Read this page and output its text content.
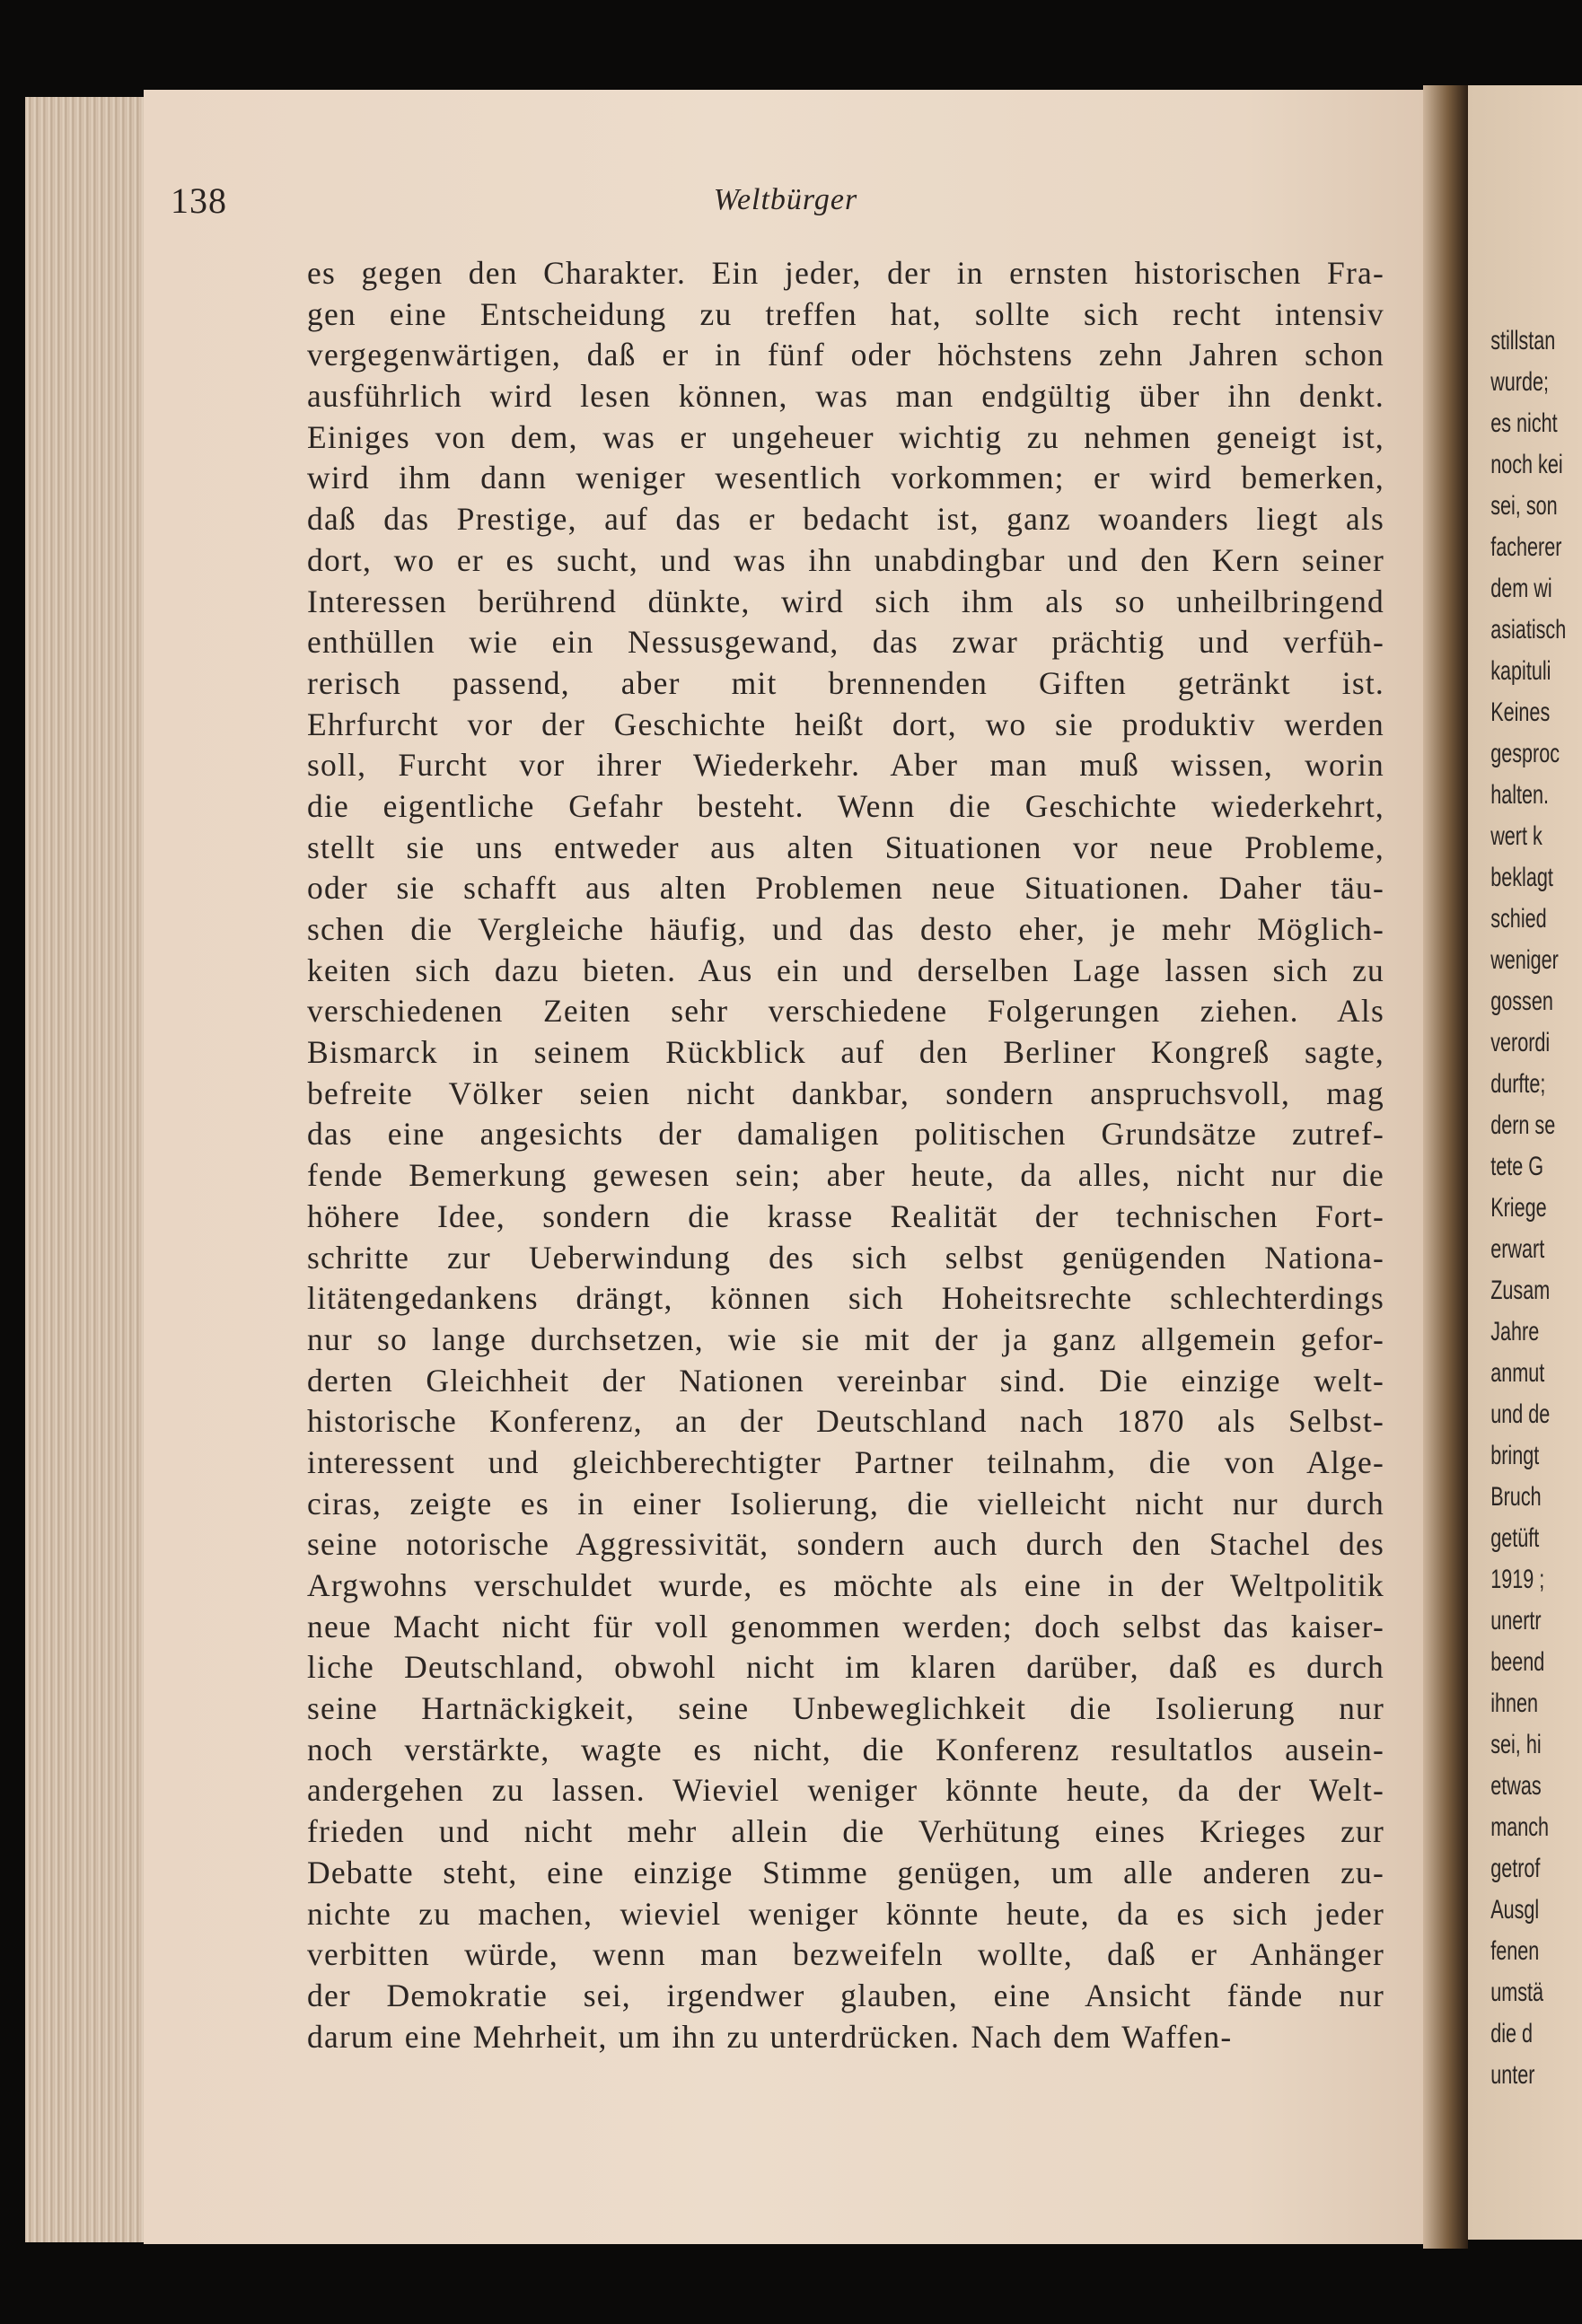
138	Weltbürger
es gegen den Charakter. Ein jeder, der in ernsten historischen Fra-
gen eine Entscheidung zu treffen hat, sollte sich recht intensiv
vergegenwärtigen, daß er in fünf oder höchstens zehn Jahren schon
ausführlich wird lesen können, was man endgültig über ihn denkt.
Einiges von dem, was er ungeheuer wichtig zu nehmen geneigt ist,
wird ihm dann weniger wesentlich vorkommen; er wird bemerken,
daß das Prestige, auf das er bedacht ist, ganz woanders liegt als
dort, wo er es sucht, und was ihn unabdingbar und den Kern seiner
Interessen berührend dünkte, wird sich ihm als so unheilbringend
enthüllen wie ein Nessusgewand, das zwar prächtig und verfüh-
rerisch passend, aber mit brennenden Giften getränkt ist.
Ehrfurcht vor der Geschichte heißt dort, wo sie produktiv werden
soll, Furcht vor ihrer Wiederkehr. Aber man muß wissen, worin
die eigentliche Gefahr besteht. Wenn die Geschichte wiederkehrt,
stellt sie uns entweder aus alten Situationen vor neue Probleme,
oder sie schafft aus alten Problemen neue Situationen. Daher täu-
schen die Vergleiche häufig, und das desto eher, je mehr Möglich-
keiten sich dazu bieten. Aus ein und derselben Lage lassen sich zu
verschiedenen Zeiten sehr verschiedene Folgerungen ziehen. Als
Bismarck in seinem Rückblick auf den Berliner Kongreß sagte,
befreite Völker seien nicht dankbar, sondern anspruchsvoll, mag
das eine angesichts der damaligen politischen Grundsätze zutref-
fende Bemerkung gewesen sein; aber heute, da alles, nicht nur die
höhere Idee, sondern die krasse Realität der technischen Fort-
schritte zur Ueberwindung des sich selbst genügenden Nationa-
litätengedankens drängt, können sich Hoheitsrechte schlechterdings
nur so lange durchsetzen, wie sie mit der ja ganz allgemein gefor-
derten Gleichheit der Nationen vereinbar sind. Die einzige welt-
historische Konferenz, an der Deutschland nach 1870 als Selbst-
interessent und gleichberechtigter Partner teilnahm, die von Alge-
ciras, zeigte es in einer Isolierung, die vielleicht nicht nur durch
seine notorische Aggressivität, sondern auch durch den Stachel des
Argwohns verschuldet wurde, es möchte als eine in der Weltpolitik
neue Macht nicht für voll genommen werden; doch selbst das kaiser-
liche Deutschland, obwohl nicht im klaren darüber, daß es durch
seine Hartnäckigkeit, seine Unbeweglichkeit die Isolierung nur
noch verstärkte, wagte es nicht, die Konferenz resultatlos ausein-
andergehen zu lassen. Wieviel weniger könnte heute, da der Welt-
frieden und nicht mehr allein die Verhütung eines Krieges zur
Debatte steht, eine einzige Stimme genügen, um alle anderen zu-
nichte zu machen, wieviel weniger könnte heute, da es sich jeder
verbitten würde, wenn man bezweifeln wollte, daß er Anhänger
der Demokratie sei, irgendwer glauben, eine Ansicht fände nur
darum eine Mehrheit, um ihn zu unterdrücken. Nach dem Waffen-
stillstan
wurde;
es nicht
noch kei
sei, son
facherer
dem wi
asiatisch
kapituli
Keines
gesproc
halten.
wert k
beklagt
schied
weniger
gossen
verordi
durfte;
dern se
tete G
Kriege
erwart
Zusam
Jahre
anmut
und de
bringt
Bruch
getüft
1919 ;
unertr
beend
ihnen
sei, hi
etwas
manch
getrof
Ausgl
fenen
umstä
die d
unter
